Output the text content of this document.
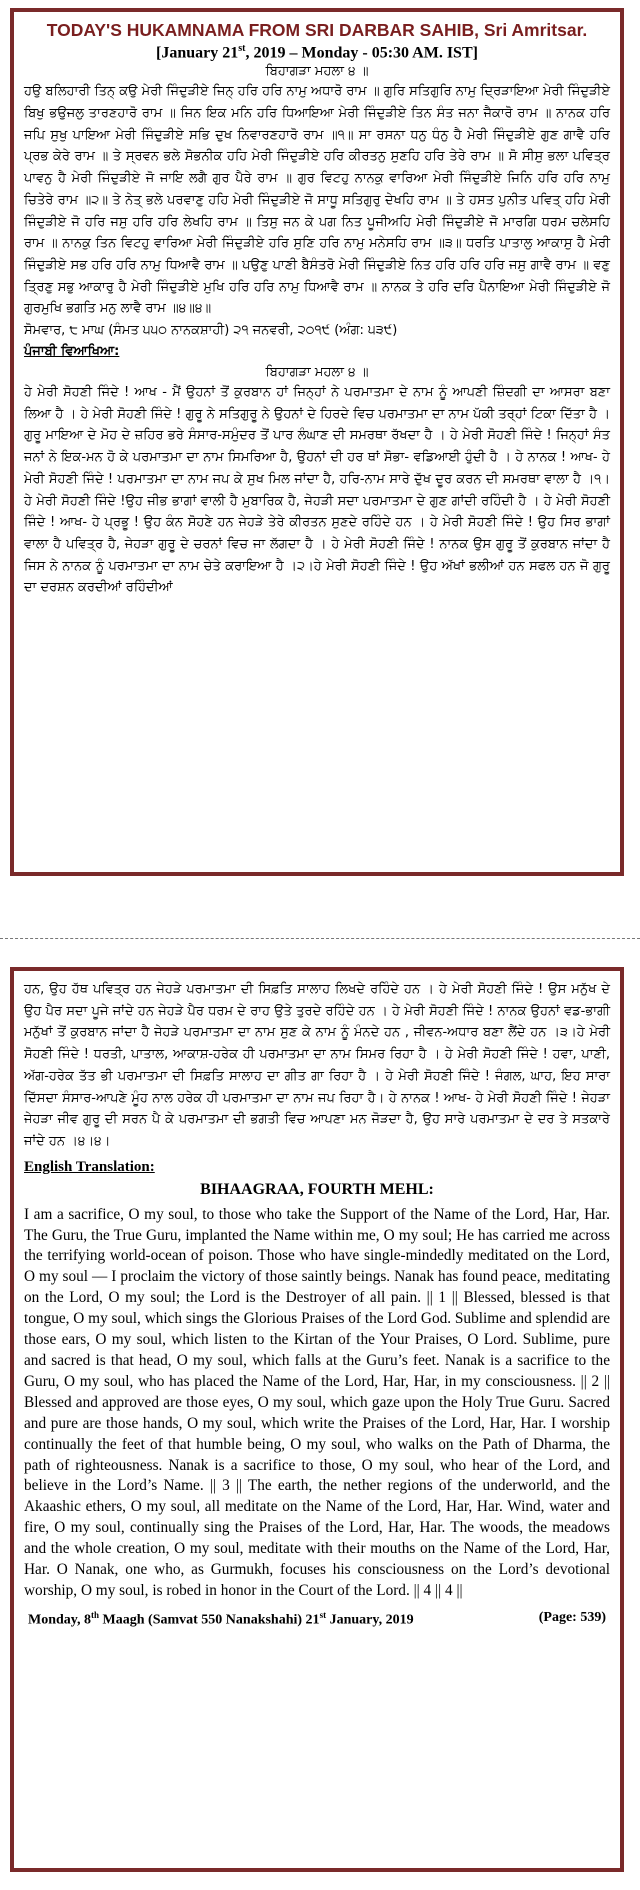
TODAY'S HUKAMNAMA FROM SRI DARBAR SAHIB, Sri Amritsar.
[January 21st, 2019 – Monday - 05:30 AM. IST]
ਬਿਹਾਗੜਾ ਮਹਲਾ ੪ ॥

ਹਉ ਬਲਿਹਾਰੀ ਤਿਨ੍ ਕਉ ਮੇਰੀ ਜਿੰਦੁੜੀਏ ਜਿਨ੍ ਹਰਿ ਹਰਿ ਨਾਮੁ ਅਧਾਰੋ ਰਾਮ ॥ ਗੁਰਿ ਸਤਿਗੁਰਿ ਨਾਮੁ ਦ੍ਰਿੜਾਇਆ ਮੇਰੀ ਜਿੰਦੁੜੀਏ ਬਿਖੁ ਭਉਜਲੁ ਤਾਰਣਹਾਰੋ ਰਾਮ ॥ ਜਿਨ ਇਕ ਮਨਿ ਹਰਿ ਧਿਆਇਆ ਮੇਰੀ ਜਿੰਦੁੜੀਏ ਤਿਨ ਸੰਤ ਜਨਾ ਜੈਕਾਰੋ ਰਾਮ ॥ ਨਾਨਕ ਹਰਿ ਜਪਿ ਸੁਖੁ ਪਾਇਆ ਮੇਰੀ ਜਿੰਦੁੜੀਏ ਸਭਿ ਦੁਖ ਨਿਵਾਰਣਹਾਰੋ ਰਾਮ ॥੧॥ ਸਾ ਰਸਨਾ ਧਨੁ ਧੰਨੁ ਹੈ ਮੇਰੀ ਜਿੰਦੁੜੀਏ ਗੁਣ ਗਾਵੈ ਹਰਿ ਪ੍ਰਭ ਕੇਰੇ ਰਾਮ ॥ ਤੇ ਸ੍ਰਵਨ ਭਲੇ ਸੋਭਨੀਕ ਹਹਿ ਮੇਰੀ ਜਿੰਦੁੜੀਏ ਹਰਿ ਕੀਰਤਨੁ ਸੁਣਹਿ ਹਰਿ ਤੇਰੇ ਰਾਮ ॥ ਸੋ ਸੀਸੁ ਭਲਾ ਪਵਿਤ੍ਰ ਪਾਵਨੁ ਹੈ ਮੇਰੀ ਜਿੰਦੁੜੀਏ ਜੋ ਜਾਇ ਲਗੈ ਗੁਰ ਪੈਰੇ ਰਾਮ ॥ ਗੁਰ ਵਿਟਹੁ ਨਾਨਕੁ ਵਾਰਿਆ ਮੇਰੀ ਜਿੰਦੁੜੀਏ ਜਿਨਿ ਹਰਿ ਹਰਿ ਨਾਮੁ ਚਿਤੇਰੇ ਰਾਮ ॥੨॥ ਤੇ ਨੇਤ੍ ਭਲੇ ਪਰਵਾਣੁ ਹਹਿ ਮੇਰੀ ਜਿੰਦੁੜੀਏ ਜੋ ਸਾਧੂ ਸਤਿਗੁਰੁ ਦੇਖਹਿ ਰਾਮ ॥ ਤੇ ਹਸਤ ਪੁਨੀਤ ਪਵਿਤ੍ ਹਹਿ ਮੇਰੀ ਜਿੰਦੁੜੀਏ ਜੋ ਹਰਿ ਜਸੁ ਹਰਿ ਹਰਿ ਲੇਖਹਿ ਰਾਮ ॥ ਤਿਸੁ ਜਨ ਕੇ ਪਗ ਨਿਤ ਪੂਜੀਅਹਿ ਮੇਰੀ ਜਿੰਦੁੜੀਏ ਜੋ ਮਾਰਗਿ ਧਰਮ ਚਲੇਸਹਿ ਰਾਮ ॥ ਨਾਨਕੁ ਤਿਨ ਵਿਟਹੁ ਵਾਰਿਆ ਮੇਰੀ ਜਿੰਦੁੜੀਏ ਹਰਿ ਸੁਣਿ ਹਰਿ ਨਾਮੁ ਮਨੇਸਹਿ ਰਾਮ ॥੩॥ ਧਰਤਿ ਪਾਤਾਲੁ ਆਕਾਸੁ ਹੈ ਮੇਰੀ ਜਿੰਦੁੜੀਏ ਸਭ ਹਰਿ ਹਰਿ ਨਾਮੁ ਧਿਆਵੈ ਰਾਮ ॥ ਪਉਣੁ ਪਾਣੀ ਬੈਸੰਤਰੋ ਮੇਰੀ ਜਿੰਦੁੜੀਏ ਨਿਤ ਹਰਿ ਹਰਿ ਹਰਿ ਜਸੁ ਗਾਵੈ ਰਾਮ ॥ ਵਣੁ ਤ੍ਰਿਣੁ ਸਭੁ ਆਕਾਰੁ ਹੈ ਮੇਰੀ ਜਿੰਦੁੜੀਏ ਮੁਖਿ ਹਰਿ ਹਰਿ ਨਾਮੁ ਧਿਆਵੈ ਰਾਮ ॥ ਨਾਨਕ ਤੇ ਹਰਿ ਦਰਿ ਪੈਨਾਇਆ ਮੇਰੀ ਜਿੰਦੁੜੀਏ ਜੋ ਗੁਰਮੁਖਿ ਭਗਤਿ ਮਨੁ ਲਾਵੈ ਰਾਮ ॥੪॥੪॥

ਸੋਮਵਾਰ, ੮ ਮਾਘ (ਸੰਮਤ ੫੫੦ ਨਾਨਕਸ਼ਾਹੀ) ੨੧ ਜਨਵਰੀ, ੨੦੧੯ (ਅੰਗ: ੫੩੯)
ਪੰਜਾਬੀ ਵਿਆਖਿਆ:
ਬਿਹਾਗੜਾ ਮਹਲਾ ੪ ॥

ਹੇ ਮੇਰੀ ਸੋਹਣੀ ਜਿੰਦੇ ! ਆਖ - ਮੈਂ ਉਹਨਾਂ ਤੋਂ ਕੁਰਬਾਨ ਹਾਂ ਜਿਨ੍ਹਾਂ ਨੇ ਪਰਮਾਤਮਾ ਦੇ ਨਾਮ ਨੂੰ ਆਪਣੀ ਜ਼ਿੰਦਗੀ ਦਾ ਆਸਰਾ ਬਣਾ ਲਿਆ ਹੈ । ਹੇ ਮੇਰੀ ਸੋਹਣੀ ਜਿੰਦੇ ! ਗੁਰੂ ਨੇ ਸਤਿਗੁਰੂ ਨੇ ਉਹਨਾਂ ਦੇ ਹਿਰਦੇ ਵਿਚ ਪਰਮਾਤਮਾ ਦਾ ਨਾਮ ਪੱਕੀ ਤਰ੍ਹਾਂ ਟਿਕਾ ਦਿੱਤਾ ਹੈ । ਗੁਰੂ ਮਾਇਆ ਦੇ ਮੋਹ ਦੇ ਜ਼ਹਿਰ ਭਰੇ ਸੰਸਾਰ-ਸਮੁੰਦਰ ਤੋਂ ਪਾਰ ਲੰਘਾਣ ਦੀ ਸਮਰਥਾ ਰੱਖਦਾ ਹੈ । ਹੇ ਮੇਰੀ ਸੋਹਣੀ ਜਿੰਦੇ ! ਜਿਨ੍ਹਾਂ ਸੰਤ ਜਨਾਂ ਨੇ ਇਕ-ਮਨ ਹੋ ਕੇ ਪਰਮਾਤਮਾ ਦਾ ਨਾਮ ਸਿਮਰਿਆ ਹੈ, ਉਹਨਾਂ ਦੀ ਹਰ ਥਾਂ ਸੋਭਾ- ਵਡਿਆਈ ਹੁੰਦੀ ਹੈ । ਹੇ ਨਾਨਕ ! ਆਖ- ਹੇ ਮੇਰੀ ਸੋਹਣੀ ਜਿੰਦੇ ! ਪਰਮਾਤਮਾ ਦਾ ਨਾਮ ਜਪ ਕੇ ਸੁਖ ਮਿਲ ਜਾਂਦਾ ਹੈ, ਹਰਿ-ਨਾਮ ਸਾਰੇ ਦੁੱਖ ਦੂਰ ਕਰਨ ਦੀ ਸਮਰਥਾ ਵਾਲਾ ਹੈ ।੧।ਹੇ ਮੇਰੀ ਸੋਹਣੀ ਜਿੰਦੇ !ਉਹ ਜੀਭ ਭਾਗਾਂ ਵਾਲੀ ਹੈ ਮੁਬਾਰਿਕ ਹੈ, ਜੇਹੜੀ ਸਦਾ ਪਰਮਾਤਮਾ ਦੇ ਗੁਣ ਗਾਂਦੀ ਰਹਿੰਦੀ ਹੈ । ਹੇ ਮੇਰੀ ਸੋਹਣੀ ਜਿੰਦੇ ! ਆਖ- ਹੇ ਪ੍ਰਭੂ ! ਉਹ ਕੰਨ ਸੋਹਣੇ ਹਨ ਜੇਹੜੇ ਤੇਰੇ ਕੀਰਤਨ ਸੁਣਦੇ ਰਹਿੰਦੇ ਹਨ । ਹੇ ਮੇਰੀ ਸੋਹਣੀ ਜਿੰਦੇ ! ਉਹ ਸਿਰ ਭਾਗਾਂ ਵਾਲਾ ਹੈ ਪਵਿਤ੍ਰ ਹੈ, ਜੇਹੜਾ ਗੁਰੂ ਦੇ ਚਰਨਾਂ ਵਿਚ ਜਾ ਲੱਗਦਾ ਹੈ । ਹੇ ਮੇਰੀ ਸੋਹਣੀ ਜਿੰਦੇ ! ਨਾਨਕ ਉਸ ਗੁਰੂ ਤੋਂ ਕੁਰਬਾਨ ਜਾਂਦਾ ਹੈ ਜਿਸ ਨੇ ਨਾਨਕ ਨੂੰ ਪਰਮਾਤਮਾ ਦਾ ਨਾਮ ਚੇਤੇ ਕਰਾਇਆ ਹੈ ।੨।ਹੇ ਮੇਰੀ ਸੋਹਣੀ ਜਿੰਦੇ ! ਉਹ ਅੱਖਾਂ ਭਲੀਆਂ ਹਨ ਸਫਲ ਹਨ ਜੋ ਗੁਰੂ ਦਾ ਦਰਸ਼ਨ ਕਰਦੀਆਂ ਰਹਿੰਦੀਆਂ

ਹਨ, ਉਹ ਹੱਥ ਪਵਿਤ੍ਰ ਹਨ ਜੇਹੜੇ ਪਰਮਾਤਮਾ ਦੀ ਸਿਫ਼ਤਿ ਸਾਲਾਹ ਲਿਖਦੇ ਰਹਿੰਦੇ ਹਨ । ਹੇ ਮੇਰੀ ਸੋਹਣੀ ਜਿੰਦੇ ! ਉਸ ਮਨੁੱਖ ਦੇ ਉਹ ਪੈਰ ਸਦਾ ਪੂਜੇ ਜਾਂਦੇ ਹਨ ਜੇਹੜੇ ਪੈਰ ਧਰਮ ਦੇ ਰਾਹ ਉਤੇ ਤੁਰਦੇ ਰਹਿੰਦੇ ਹਨ । ਹੇ ਮੇਰੀ ਸੋਹਣੀ ਜਿੰਦੇ ! ਨਾਨਕ ਉਹਨਾਂ ਵਡ-ਭਾਗੀ ਮਨੁੱਖਾਂ ਤੋਂ ਕੁਰਬਾਨ ਜਾਂਦਾ ਹੈ ਜੇਹੜੇ ਪਰਮਾਤਮਾ ਦਾ ਨਾਮ ਸੁਣ ਕੇ ਨਾਮ ਨੂੰ ਮੰਨਦੇ ਹਨ , ਜੀਵਨ-ਅਧਾਰ ਬਣਾ ਲੈਂਦੇ ਹਨ ।੩।ਹੇ ਮੇਰੀ ਸੋਹਣੀ ਜਿੰਦੇ ! ਧਰਤੀ, ਪਾਤਾਲ, ਆਕਾਸ਼-ਹਰੇਕ ਹੀ ਪਰਮਾਤਮਾ ਦਾ ਨਾਮ ਸਿਮਰ ਰਿਹਾ ਹੈ । ਹੇ ਮੇਰੀ ਸੋਹਣੀ ਜਿੰਦੇ ! ਹਵਾ, ਪਾਣੀ, ਅੱਗ-ਹਰੇਕ ਤੱਤ ਭੀ ਪਰਮਾਤਮਾ ਦੀ ਸਿਫ਼ਤਿ ਸਾਲਾਹ ਦਾ ਗੀਤ ਗਾ ਰਿਹਾ ਹੈ । ਹੇ ਮੇਰੀ ਸੋਹਣੀ ਜਿੰਦੇ ! ਜੰਗਲ, ਘਾਹ, ਇਹ ਸਾਰਾ ਦਿੱਸਦਾ ਸੰਸਾਰ-ਆਪਣੇ ਮੂੰਹ ਨਾਲ ਹਰੇਕ ਹੀ ਪਰਮਾਤਮਾ ਦਾ ਨਾਮ ਜਪ ਰਿਹਾ ਹੈ। ਹੇ ਨਾਨਕ ! ਆਖ- ਹੇ ਮੇਰੀ ਸੋਹਣੀ ਜਿੰਦੇ ! ਜੇਹੜਾ ਜੇਹੜਾ ਜੀਵ ਗੁਰੂ ਦੀ ਸਰਨ ਪੈ ਕੇ ਪਰਮਾਤਮਾ ਦੀ ਭਗਤੀ ਵਿਚ ਆਪਣਾ ਮਨ ਜੋੜਦਾ ਹੈ, ਉਹ ਸਾਰੇ ਪਰਮਾਤਮਾ ਦੇ ਦਰ ਤੇ ਸਤਕਾਰੇ ਜਾਂਦੇ ਹਨ ।੪।੪।

English Translation:
BIHAAGRAA, FOURTH MEHL:

I am a sacrifice, O my soul, to those who take the Support of the Name of the Lord, Har, Har. The Guru, the True Guru, implanted the Name within me, O my soul; He has carried me across the terrifying world-ocean of poison. Those who have single-mindedly meditated on the Lord, O my soul — I proclaim the victory of those saintly beings. Nanak has found peace, meditating on the Lord, O my soul; the Lord is the Destroyer of all pain. || 1 || Blessed, blessed is that tongue, O my soul, which sings the Glorious Praises of the Lord God. Sublime and splendid are those ears, O my soul, which listen to the Kirtan of the Your Praises, O Lord. Sublime, pure and sacred is that head, O my soul, which falls at the Guru’s feet. Nanak is a sacrifice to the Guru, O my soul, who has placed the Name of the Lord, Har, Har, in my consciousness. || 2 || Blessed and approved are those eyes, O my soul, which gaze upon the Holy True Guru. Sacred and pure are those hands, O my soul, which write the Praises of the Lord, Har, Har. I worship continually the feet of that humble being, O my soul, who walks on the Path of Dharma, the path of righteousness. Nanak is a sacrifice to those, O my soul, who hear of the Lord, and believe in the Lord’s Name. || 3 || The earth, the nether regions of the underworld, and the Akaashic ethers, O my soul, all meditate on the Name of the Lord, Har, Har. Wind, water and fire, O my soul, continually sing the Praises of the Lord, Har, Har. The woods, the meadows and the whole creation, O my soul, meditate with their mouths on the Name of the Lord, Har, Har. O Nanak, one who, as Gurmukh, focuses his consciousness on the Lord’s devotional worship, O my soul, is robed in honor in the Court of the Lord. || 4 || 4 ||

Monday, 8th Maagh (Samvat 550 Nanakshahi) 21st January, 2019	(Page: 539)
